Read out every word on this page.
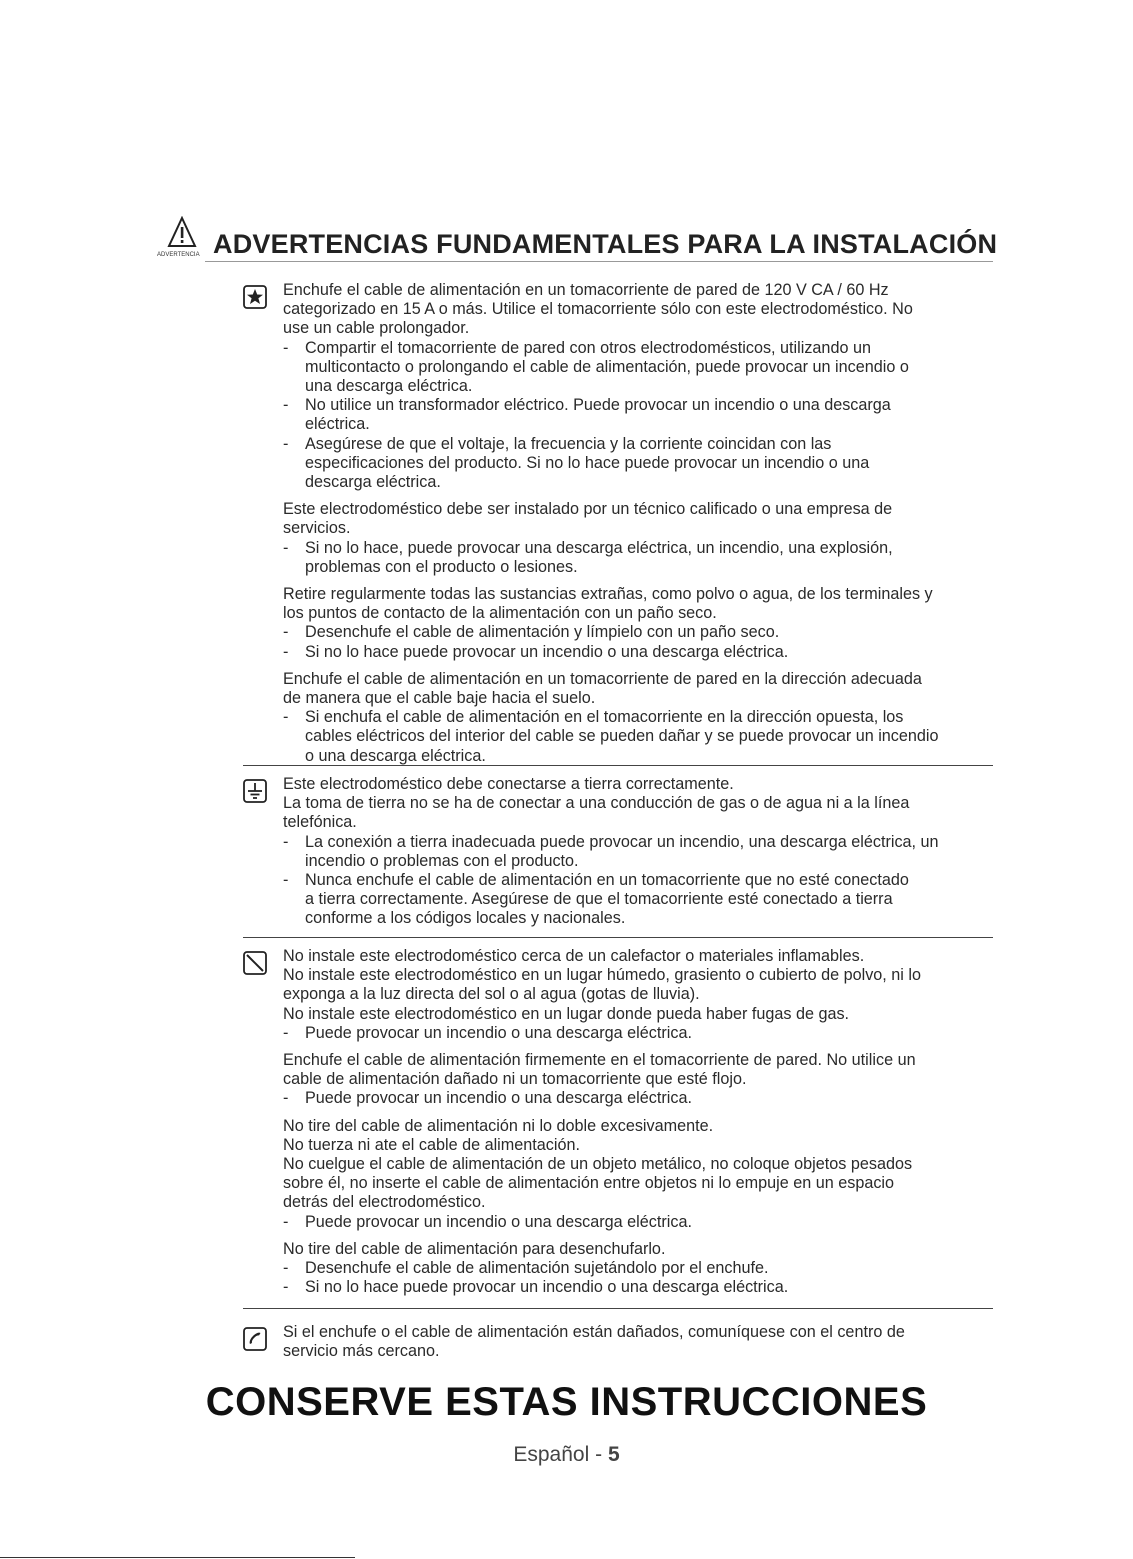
ADVERTENCIA ADVERTENCIAS FUNDAMENTALES PARA LA INSTALACIÓN

Enchufe el cable de alimentación en un tomacorriente de pared de 120 V CA / 60 Hz
categorizado en 15 A o más. Utilice el tomacorriente sólo con este electrodoméstico. No
use un cable prolongador.

- Compartir el tomacorriente de pared con otros electrodomésticos, utilizando un
multicontacto o prolongando el cable de alimentación, puede provocar un incendio o
una descarga eléctrica.
- No utilice un transformador eléctrico. Puede provocar un incendio o una descarga
eléctrica.
- Asegúrese de que el voltaje, la frecuencia y la corriente coincidan con las
especificaciones del producto. Si no lo hace puede provocar un incendio o una
descarga eléctrica.

Este electrodoméstico debe ser instalado por un técnico calificado o una empresa de
servicios.

- Si no lo hace, puede provocar una descarga eléctrica, un incendio, una explosión,
problemas con el producto o lesiones.

Retire regularmente todas las sustancias extrañas, como polvo o agua, de los terminales y
los puntos de contacto de la alimentación con un paño seco.

- Desenchufe el cable de alimentación y límpielo con un paño seco.
- Si no lo hace puede provocar un incendio o una descarga eléctrica.

Enchufe el cable de alimentación en un tomacorriente de pared en la dirección adecuada
de manera que el cable baje hacia el suelo.

- Si enchufa el cable de alimentación en el tomacorriente en la dirección opuesta, los
cables eléctricos del interior del cable se pueden dañar y se puede provocar un incendio
o una descarga eléctrica.

Este electrodoméstico debe conectarse a tierra correctamente.
La toma de tierra no se ha de conectar a una conducción de gas o de agua ni a la línea
telefónica.

- La conexión a tierra inadecuada puede provocar un incendio, una descarga eléctrica, un
incendio o problemas con el producto.
- Nunca enchufe el cable de alimentación en un tomacorriente que no esté conectado
a tierra correctamente. Asegúrese de que el tomacorriente esté conectado a tierra
conforme a los códigos locales y nacionales.

No instale este electrodoméstico cerca de un calefactor o materiales inflamables.
No instale este electrodoméstico en un lugar húmedo, grasiento o cubierto de polvo, ni lo
exponga a la luz directa del sol o al agua (gotas de lluvia).
No instale este electrodoméstico en un lugar donde pueda haber fugas de gas.

- Puede provocar un incendio o una descarga eléctrica.

Enchufe el cable de alimentación firmemente en el tomacorriente de pared. No utilice un
cable de alimentación dañado ni un tomacorriente que esté flojo.

- Puede provocar un incendio o una descarga eléctrica.

No tire del cable de alimentación ni lo doble excesivamente.
No tuerza ni ate el cable de alimentación.
No cuelgue el cable de alimentación de un objeto metálico, no coloque objetos pesados
sobre él, no inserte el cable de alimentación entre objetos ni lo empuje en un espacio
detrás del electrodoméstico.

- Puede provocar un incendio o una descarga eléctrica.

No tire del cable de alimentación para desenchufarlo.

- Desenchufe el cable de alimentación sujetándolo por el enchufe.
- Si no lo hace puede provocar un incendio o una descarga eléctrica.

Si el enchufe o el cable de alimentación están dañados, comuníquese con el centro de
servicio más cercano.

CONSERVE ESTAS INSTRUCCIONES
Español - 5
